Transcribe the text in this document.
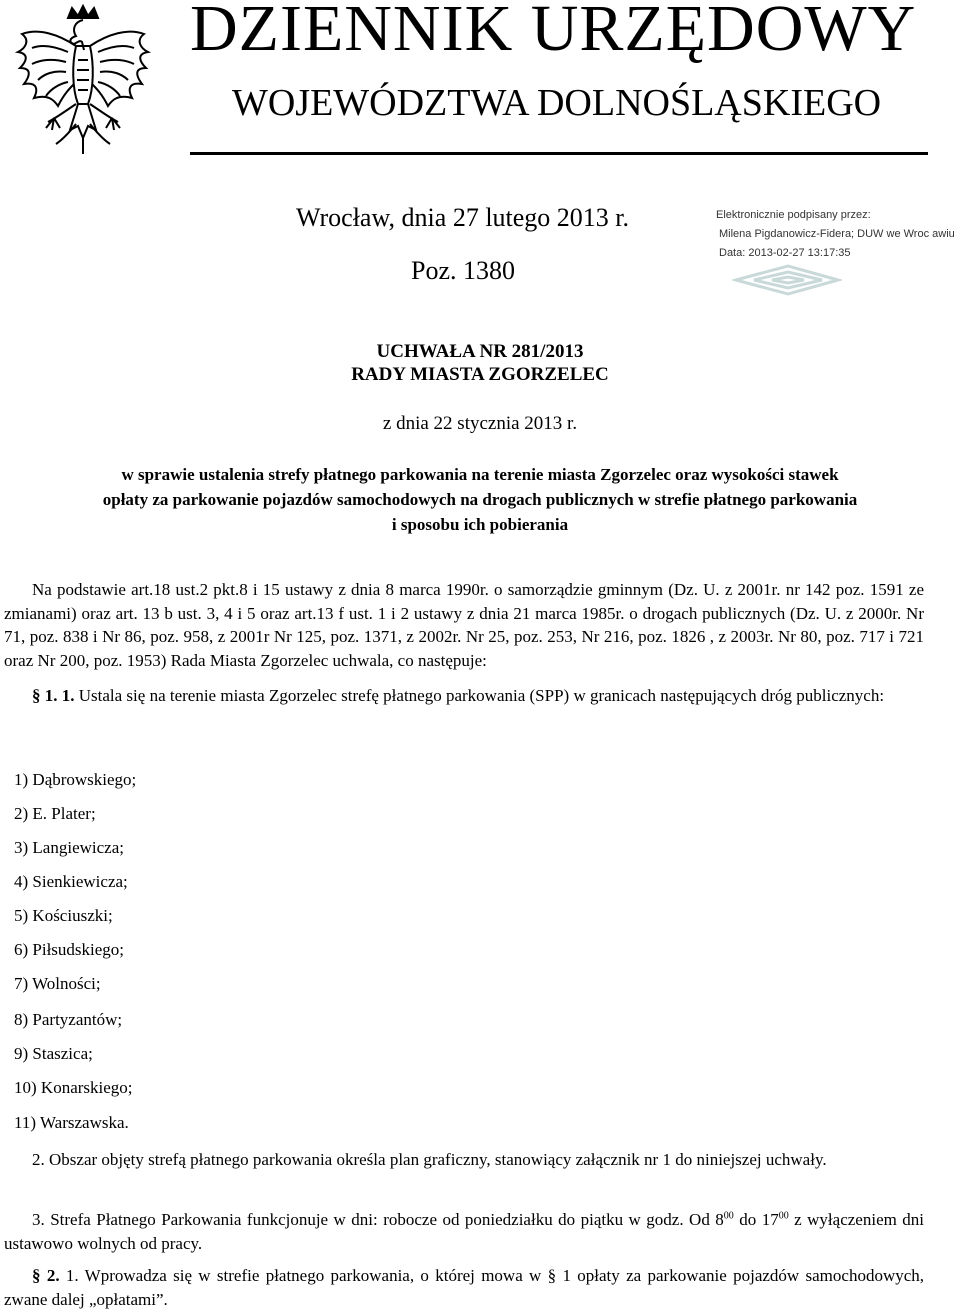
DZIENNIK URZĘDOWY
WOJEWÓDZTWA DOLNOŚLĄSKIEGO
Wrocław, dnia 27 lutego 2013 r.
Poz. 1380
Elektronicznie podpisany przez:
Milena Pigdanowicz-Fidera; DUW we Wroc awiu
Data: 2013-02-27 13:17:35
UCHWAŁA NR 281/2013
RADY MIASTA ZGORZELEC
z dnia 22 stycznia 2013 r.
w sprawie ustalenia strefy płatnego parkowania na terenie miasta Zgorzelec oraz wysokości stawek
opłaty za parkowanie pojazdów samochodowych na drogach publicznych w strefie płatnego parkowania
i sposobu ich pobierania

Na podstawie art.18 ust.2 pkt.8 i 15 ustawy z dnia 8 marca 1990r. o samorządzie gminnym (Dz. U. z 2001r. nr 142 poz. 1591 ze zmianami) oraz art. 13 b ust. 3, 4 i 5 oraz art.13 f ust. 1 i 2 ustawy z dnia 21 marca 1985r. o drogach publicznych (Dz. U. z 2000r. Nr 71, poz. 838 i Nr 86, poz. 958, z 2001r Nr 125, poz. 1371, z 2002r. Nr 25, poz. 253, Nr 216, poz. 1826 , z 2003r. Nr 80, poz. 717 i 721 oraz Nr 200, poz. 1953) Rada Miasta Zgorzelec uchwala, co następuje:

§ 1. 1. Ustala się na terenie miasta Zgorzelec strefę płatnego parkowania (SPP) w granicach następujących dróg publicznych:

1) Dąbrowskiego;
2) E. Plater;
3) Langiewicza;
4) Sienkiewicza;
5) Kościuszki;
6) Piłsudskiego;
7) Wolności;
8) Partyzantów;
9) Staszica;
10) Konarskiego;
11) Warszawska.
2. Obszar objęty strefą płatnego parkowania określa plan graficzny, stanowiący załącznik nr 1 do niniejszej uchwały.
3. Strefa Płatnego Parkowania funkcjonuje w dni: robocze od poniedziałku do piątku w godz. Od $8^{00}$ do $17^{00}$ z wyłączeniem dni ustawowo wolnych od pracy.
§ 2. 1. Wprowadza się w strefie płatnego parkowania, o której mowa w § 1 opłaty za parkowanie pojazdów samochodowych, zwane dalej „opłatami”.
